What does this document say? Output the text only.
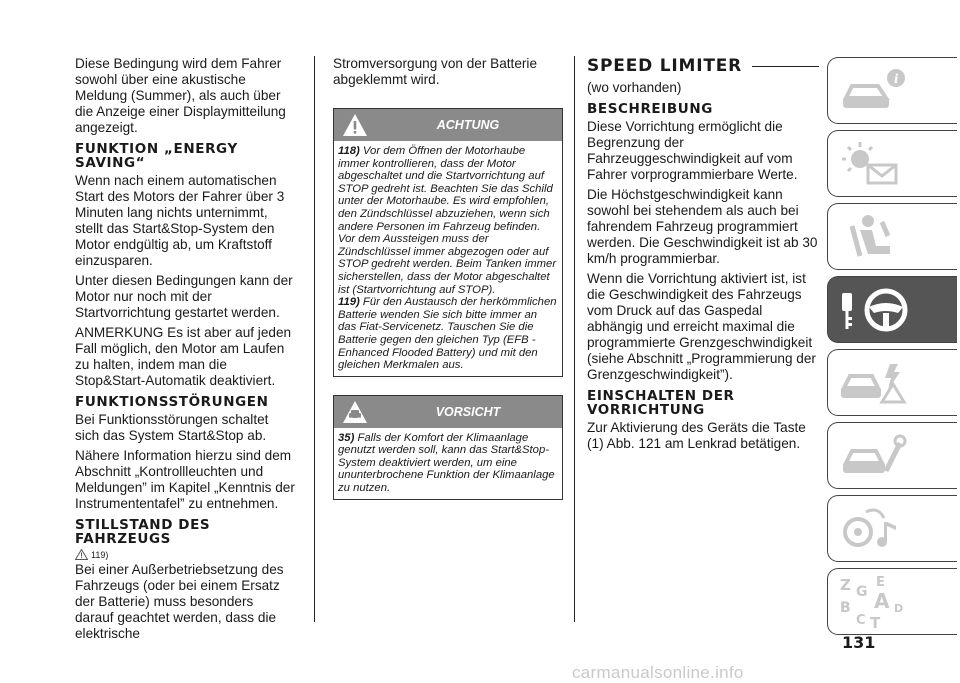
Diese Bedingung wird dem Fahrer sowohl über eine akustische Meldung (Summer), als auch über die Anzeige einer Displaymitteilung angezeigt.

FUNKTION „ENERGY SAVING“

Wenn nach einem automatischen Start des Motors der Fahrer über 3 Minuten lang nichts unternimmt, stellt das Start&Stop-System den Motor endgültig ab, um Kraftstoff einzusparen.

Unter diesen Bedingungen kann der Motor nur noch mit der Startvorrichtung gestartet werden.

ANMERKUNG Es ist aber auf jeden Fall möglich, den Motor am Laufen zu halten, indem man die Stop&Start-Automatik deaktiviert.

FUNKTIONSSTÖRUNGEN

Bei Funktionsstörungen schaltet sich das System Start&Stop ab.

Nähere Information hierzu sind dem Abschnitt „Kontrollleuchten und Meldungen” im Kapitel „Kenntnis der Instrumententafel” zu entnehmen.

STILLSTAND DES FAHRZEUGS
119)

Bei einer Außerbetriebsetzung des Fahrzeugs (oder bei einem Ersatz der Batterie) muss besonders darauf geachtet werden, dass die elektrische

Stromversorgung von der Batterie abgeklemmt wird.

ACHTUNG

118) Vor dem Öffnen der Motorhaube immer kontrollieren, dass der Motor abgeschaltet und die Startvorrichtung auf STOP gedreht ist. Beachten Sie das Schild unter der Motorhaube. Es wird empfohlen, den Zündschlüssel abzuziehen, wenn sich andere Personen im Fahrzeug befinden. Vor dem Aussteigen muss der Zündschlüssel immer abgezogen oder auf STOP gedreht werden. Beim Tanken immer sicherstellen, dass der Motor abgeschaltet ist (Startvorrichtung auf STOP).

119) Für den Austausch der herkömmlichen Batterie wenden Sie sich bitte immer an das Fiat-Servicenetz. Tauschen Sie die Batterie gegen den gleichen Typ (EFB - Enhanced Flooded Battery) und mit den gleichen Merkmalen aus.

VORSICHT

35) Falls der Komfort der Klimaanlage genutzt werden soll, kann das Start&Stop-System deaktiviert werden, um eine ununterbrochene Funktion der Klimaanlage zu nutzen.

SPEED LIMITER

(wo vorhanden)

BESCHREIBUNG

Diese Vorrichtung ermöglicht die Begrenzung der Fahrzeuggeschwindigkeit auf vom Fahrer vorprogrammierbare Werte.

Die Höchstgeschwindigkeit kann sowohl bei stehendem als auch bei fahrendem Fahrzeug programmiert werden. Die Geschwindigkeit ist ab 30 km/h programmierbar.

Wenn die Vorrichtung aktiviert ist, ist die Geschwindigkeit des Fahrzeugs vom Druck auf das Gaspedal abhängig und erreicht maximal die programmierte Grenzgeschwindigkeit (siehe Abschnitt „Programmierung der Grenzgeschwindigkeit”).

EINSCHALTEN DER VORRICHTUNG

Zur Aktivierung des Geräts die Taste (1) Abb. 121 am Lenkrad betätigen.

i
Z E
G A
B	D
C T
131
carmanualsonline.info
